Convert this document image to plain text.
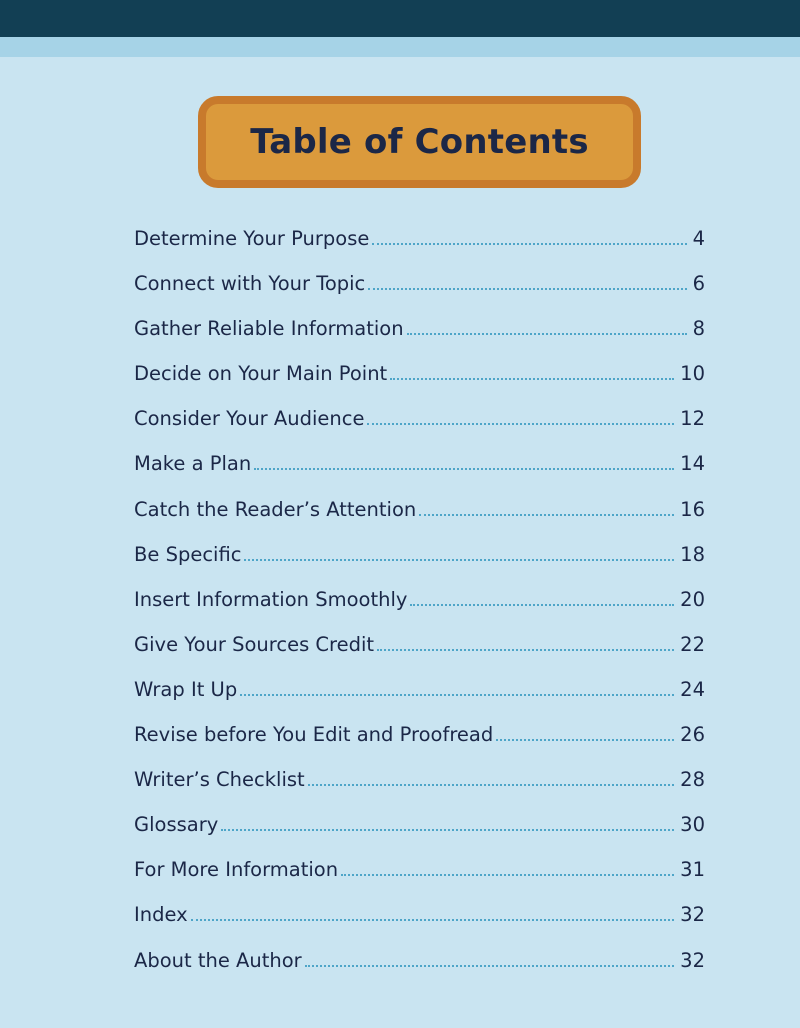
Table of Contents
Determine Your Purpose	4
Connect with Your Topic	6
Gather Reliable Information	8
Decide on Your Main Point	10
Consider Your Audience	12
Make a Plan	14
Catch the Reader’s Attention	16
Be Specific	18
Insert Information Smoothly	20
Give Your Sources Credit	22
Wrap It Up	24
Revise before You Edit and Proofread	26
Writer’s Checklist	28
Glossary	30
For More Information	31
Index	32
About the Author	32
